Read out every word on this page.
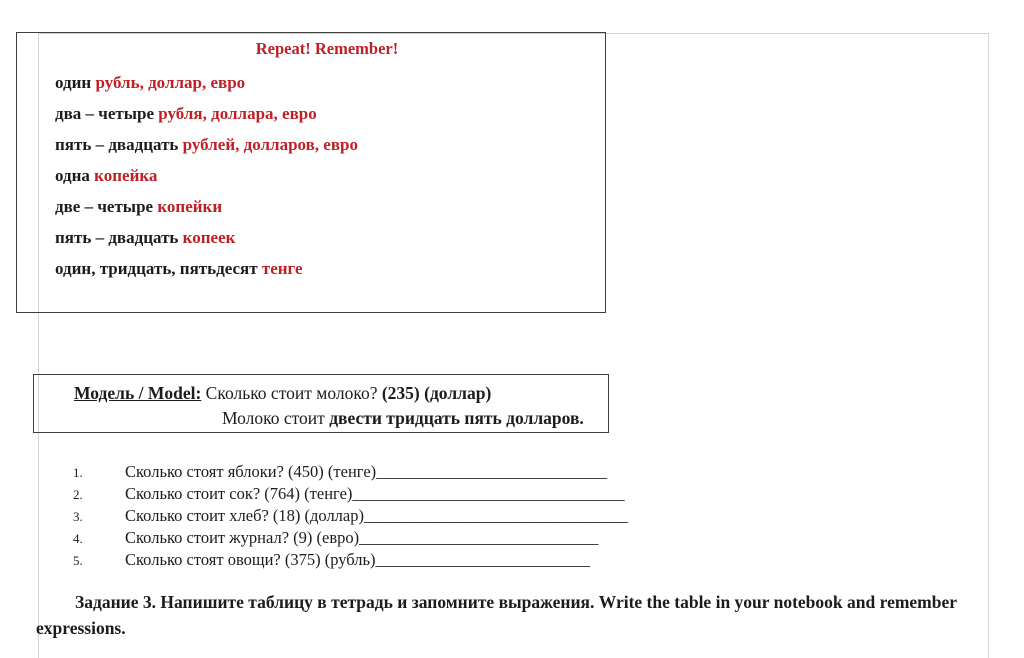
Repeat! Remember!
один рубль, доллар, евро
два – четыре рубля, доллара, евро
пять – двадцать рублей, долларов, евро
одна копейка
две – четыре копейки
пять – двадцать копеек
один, тридцать, пятьдесят тенге
Модель / Model: Сколько стоит молоко? (235) (доллар)
Молоко стоит двести тридцать пять долларов.
1.	Сколько стоят яблоки? (450) (тенге) ____________________________
2.	Сколько стоит сок? (764) (тенге) _________________________________
3.	Сколько стоит хлеб? (18) (доллар) ________________________________
4.	Сколько стоит журнал? (9) (евро) _____________________________
5.	Сколько стоят овощи? (375) (рубль) __________________________
Задание 3. Напишите таблицу в тетрадь и запомните выражения. Write the table in your notebook and remember
expressions.
